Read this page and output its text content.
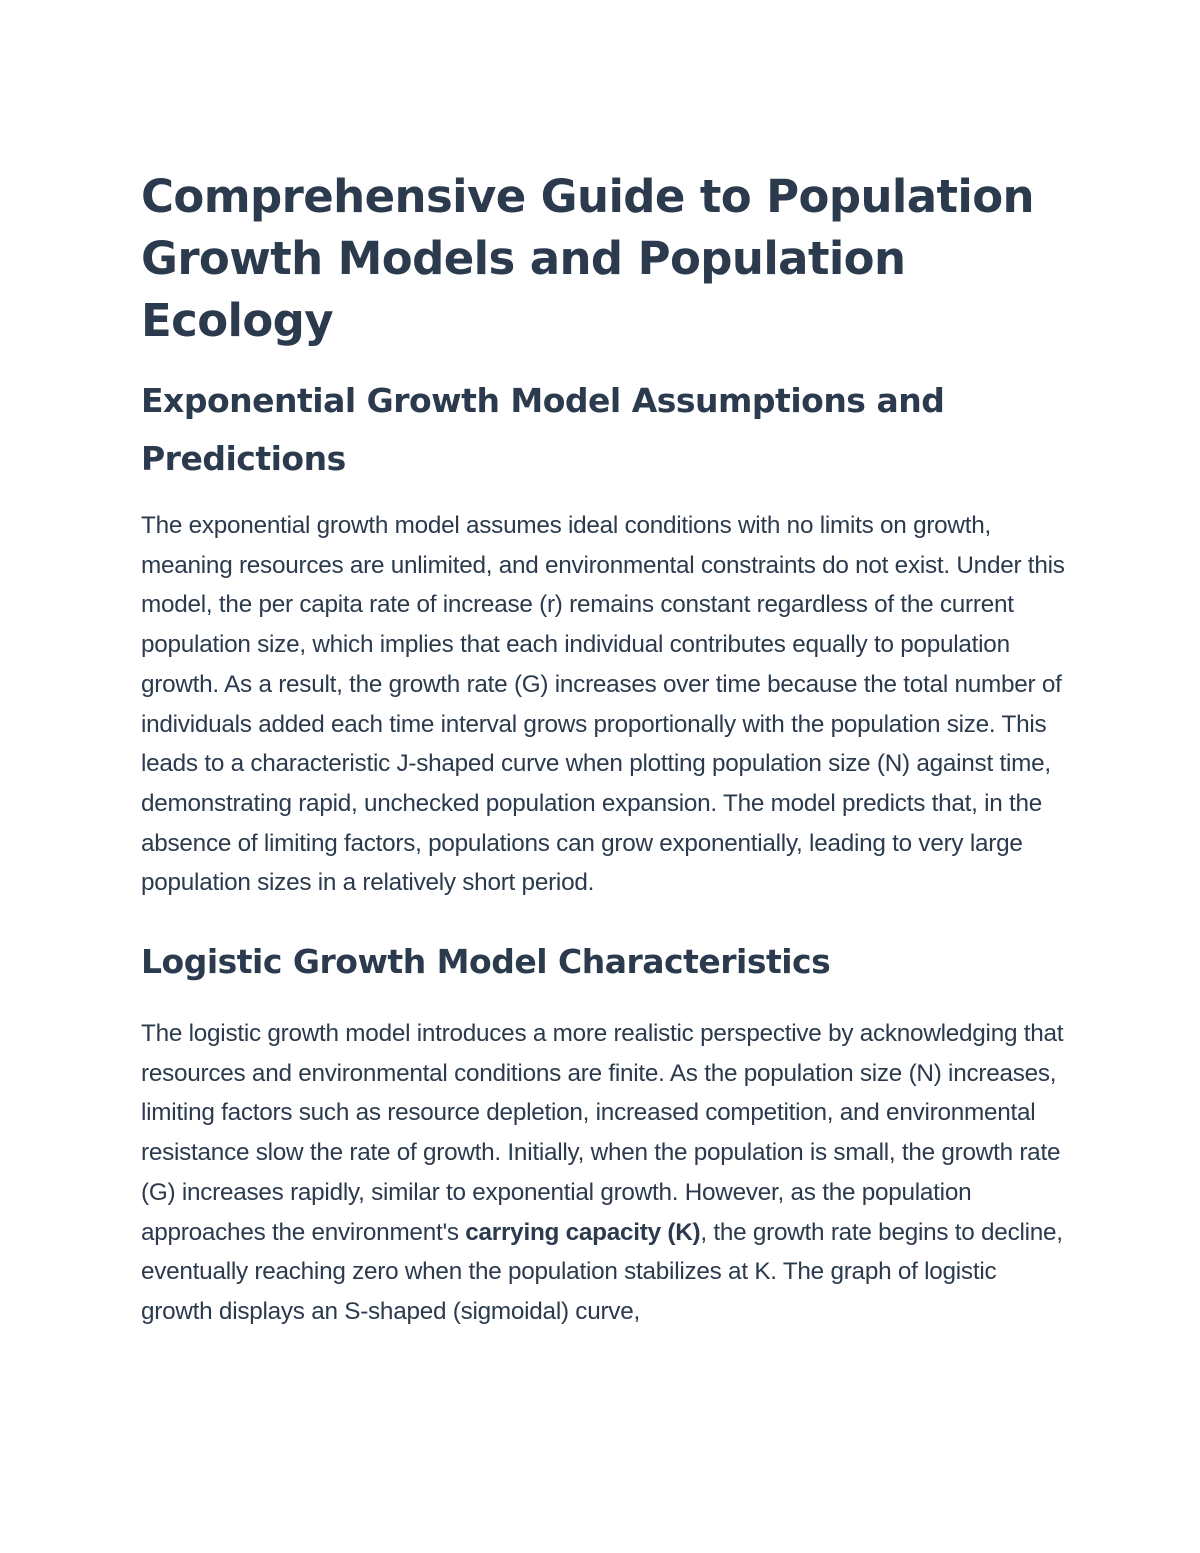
Comprehensive Guide to Population Growth Models and Population Ecology
Exponential Growth Model Assumptions and Predictions

The exponential growth model assumes ideal conditions with no limits on growth, meaning resources are unlimited, and environmental constraints do not exist. Under this model, the per capita rate of increase (r) remains constant regardless of the current population size, which implies that each individual contributes equally to population growth. As a result, the growth rate (G) increases over time because the total number of individuals added each time interval grows proportionally with the population size. This leads to a characteristic J-shaped curve when plotting population size (N) against time, demonstrating rapid, unchecked population expansion. The model predicts that, in the absence of limiting factors, populations can grow exponentially, leading to very large population sizes in a relatively short period.

Logistic Growth Model Characteristics

The logistic growth model introduces a more realistic perspective by acknowledging that resources and environmental conditions are finite. As the population size (N) increases, limiting factors such as resource depletion, increased competition, and environmental resistance slow the rate of growth. Initially, when the population is small, the growth rate (G) increases rapidly, similar to exponential growth. However, as the population approaches the environment's carrying capacity (K), the growth rate begins to decline, eventually reaching zero when the population stabilizes at K. The graph of logistic growth displays an S-shaped (sigmoidal) curve,
